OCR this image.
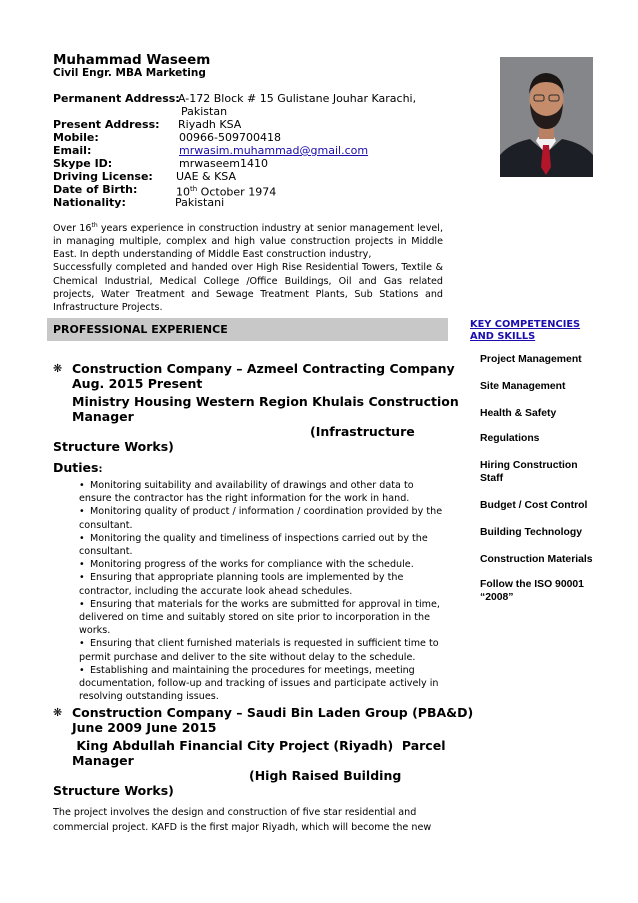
Muhammad Waseem
Civil Engr. MBA Marketing
Permanent Address:
A-172 Block # 15 Gulistane Jouhar Karachi,
Pakistan
Present Address: Riyadh KSA
Mobile:	00966-509700418
Email:	mrwasim.muhammad@gmail.com
Skype ID:	mrwaseem1410
Driving License: UAE & KSA
Date of Birth:	10th October 1974
Nationality:	Pakistani
Over 16th years experience in construction industry at senior management level, in managing multiple, complex and high value construction projects in Middle East. In depth understanding of Middle East construction industry,
Successfully completed and handed over High Rise Residential Towers, Textile & Chemical Industrial, Medical College /Office Buildings, Oil and Gas related projects, Water Treatment and Sewage Treatment Plants, Sub Stations and Infrastructure Projects.
PROFESSIONAL EXPERIENCE	KEY COMPETENCIES AND SKILLS
Project Management
Site Management
Health & Safety
Regulations
Hiring Construction Staff
Budget / Cost Control
Building Technology
Construction Materials
Follow the ISO 90001 “2008”
❋ Construction Company – Azmeel Contracting Company
Aug. 2015 Present
Ministry Housing Western Region Khulais Construction
Manager
(Infrastructure
Structure Works)
Duties:
• Monitoring suitability and availability of drawings and other data to ensure the contractor has the right information for the work in hand.
• Monitoring quality of product / information / coordination provided by the consultant.
• Monitoring the quality and timeliness of inspections carried out by the consultant.
• Monitoring progress of the works for compliance with the schedule.
• Ensuring that appropriate planning tools are implemented by the contractor, including the accurate look ahead schedules.
• Ensuring that materials for the works are submitted for approval in time, delivered on time and suitably stored on site prior to incorporation in the works.
• Ensuring that client furnished materials is requested in sufficient time to permit purchase and deliver to the site without delay to the schedule.
• Establishing and maintaining the procedures for meetings, meeting documentation, follow-up and tracking of issues and participate actively in resolving outstanding issues.
❋ Construction Company – Saudi Bin Laden Group (PBA&D)
June 2009 June 2015
King Abdullah Financial City Project (Riyadh)  Parcel
Manager
(High Raised Building
Structure Works)
The project involves the design and construction of five star residential and commercial project. KAFD is the first major Riyadh, which will become the new
